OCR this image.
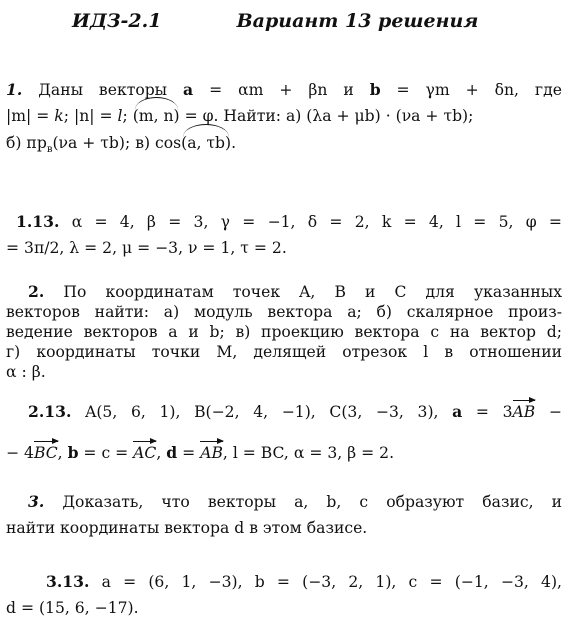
ИДЗ-2.1	Вариант 13 решения
1. Даны векторы a = αm + βn и b = γm + δn, где
|m| = k; |n| = l; (m, n) = φ. Найти: а) (λa + μb) · (νa + τb);
б) $пр_в(\nu a + \tau b)$; в) cos(a, τb).
1.13. α = 4, β = 3, γ = −1, δ = 2, k = 4, l = 5, φ =
= 3π/2, λ = 2, μ = −3, ν = 1, τ = 2.
2. По координатам точек A, B и C для указанных
векторов найти: а) модуль вектора a; б) скалярное произ-
ведение векторов a и b; в) проекцию вектора c на вектор d;
г) координаты точки M, делящей отрезок l в отношении
α : β.
2.13. A(5, 6, 1), B(−2, 4, −1), C(3, −3, 3), a = 3AB −
− 4BC, b = c = AC, d = AB, l = BC, α = 3, β = 2.
3. Доказать, что векторы a, b, c образуют базис, и
найти координаты вектора d в этом базисе.
3.13. a = (6, 1, −3), b = (−3, 2, 1), c = (−1, −3, 4),
d = (15, 6, −17).
